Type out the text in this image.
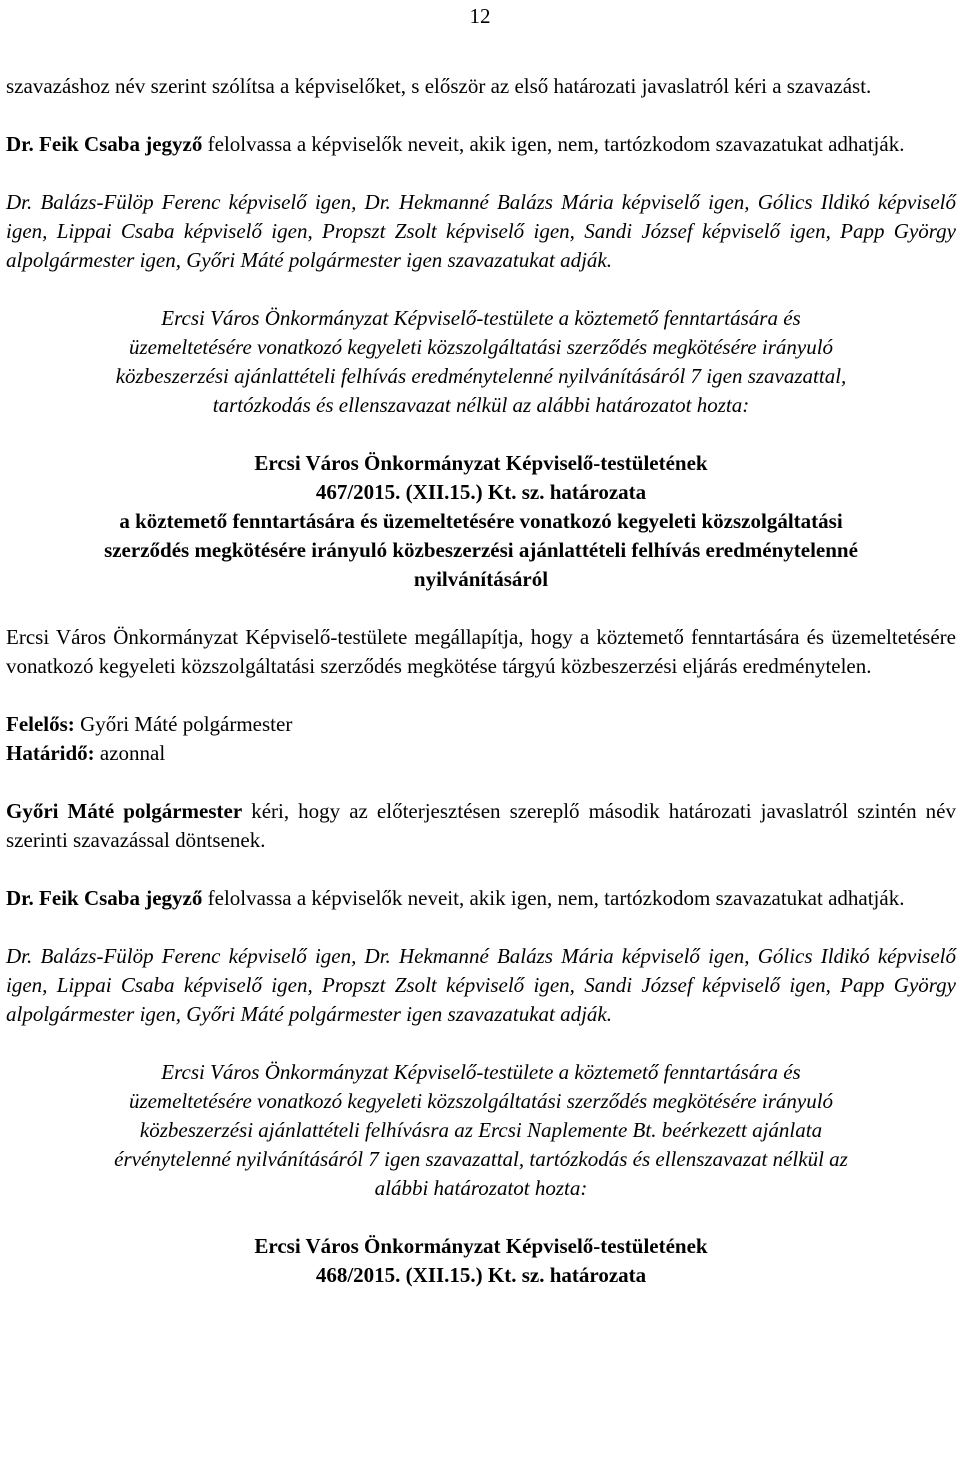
12

szavazáshoz név szerint szólítsa a képviselőket, s először az első határozati javaslatról kéri a szavazást.

Dr. Feik Csaba jegyző felolvassa a képviselők neveit, akik igen, nem, tartózkodom szavazatukat adhatják.

Dr. Balázs-Fülöp Ferenc képviselő igen, Dr. Hekmanné Balázs Mária képviselő igen, Gólics Ildikó képviselő igen, Lippai Csaba képviselő igen, Propszt Zsolt képviselő igen, Sandi József képviselő igen, Papp György alpolgármester igen, Győri Máté polgármester igen szavazatukat adják.

Ercsi Város Önkormányzat Képviselő-testülete a köztemető fenntartására és

üzemeltetésére vonatkozó kegyeleti közszolgáltatási szerződés megkötésére irányuló

közbeszerzési ajánlattételi felhívás eredménytelenné nyilvánításáról 7 igen szavazattal,

tartózkodás és ellenszavazat nélkül az alábbi határozatot hozta:

Ercsi Város Önkormányzat Képviselő-testületének

467/2015. (XII.15.) Kt. sz. határozata

a köztemető fenntartására és üzemeltetésére vonatkozó kegyeleti közszolgáltatási

szerződés megkötésére irányuló közbeszerzési ajánlattételi felhívás eredménytelenné

nyilvánításáról

Ercsi Város Önkormányzat Képviselő-testülete megállapítja, hogy a köztemető fenntartására és üzemeltetésére vonatkozó kegyeleti közszolgáltatási szerződés megkötése tárgyú közbeszerzési eljárás eredménytelen.

Felelős: Győri Máté polgármester

Határidő: azonnal

Győri Máté polgármester kéri, hogy az előterjesztésen szereplő második határozati javaslatról szintén név szerinti szavazással döntsenek.

Dr. Feik Csaba jegyző felolvassa a képviselők neveit, akik igen, nem, tartózkodom szavazatukat adhatják.

Dr. Balázs-Fülöp Ferenc képviselő igen, Dr. Hekmanné Balázs Mária képviselő igen, Gólics Ildikó képviselő igen, Lippai Csaba képviselő igen, Propszt Zsolt képviselő igen, Sandi József képviselő igen, Papp György alpolgármester igen, Győri Máté polgármester igen szavazatukat adják.

Ercsi Város Önkormányzat Képviselő-testülete a köztemető fenntartására és

üzemeltetésére vonatkozó kegyeleti közszolgáltatási szerződés megkötésére irányuló

közbeszerzési ajánlattételi felhívásra az Ercsi Naplemente Bt. beérkezett ajánlata

érvénytelenné nyilvánításáról 7 igen szavazattal, tartózkodás és ellenszavazat nélkül az

alábbi határozatot hozta:

Ercsi Város Önkormányzat Képviselő-testületének

468/2015. (XII.15.) Kt. sz. határozata
